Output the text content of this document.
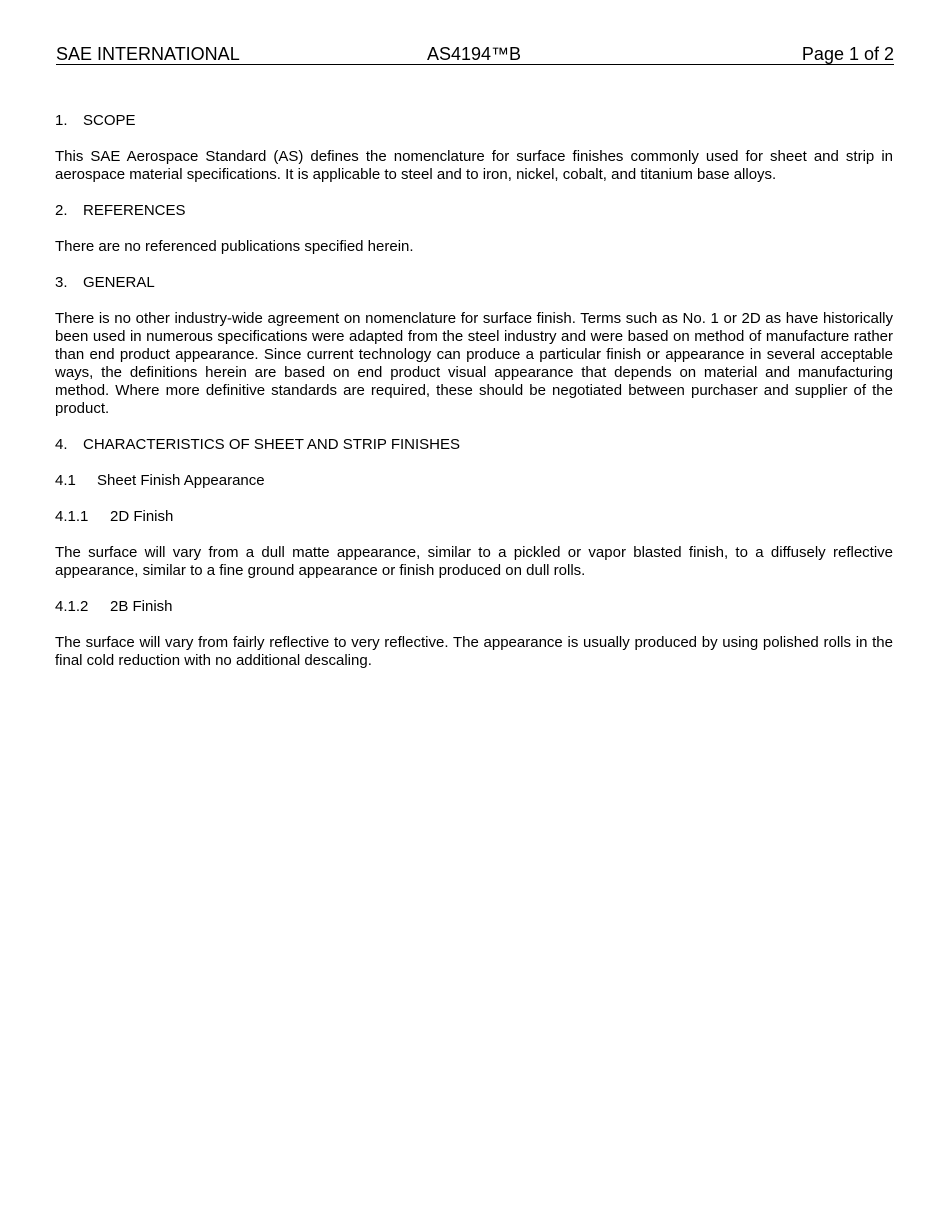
SAE INTERNATIONAL	AS4194™B	Page 1 of 2
1. SCOPE

This SAE Aerospace Standard (AS) defines the nomenclature for surface finishes commonly used for sheet and strip in aerospace material specifications. It is applicable to steel and to iron, nickel, cobalt, and titanium base alloys.

2. REFERENCES

There are no referenced publications specified herein.

3. GENERAL

There is no other industry-wide agreement on nomenclature for surface finish. Terms such as No. 1 or 2D as have historically been used in numerous specifications were adapted from the steel industry and were based on method of manufacture rather than end product appearance. Since current technology can produce a particular finish or appearance in several acceptable ways, the definitions herein are based on end product visual appearance that depends on material and manufacturing method. Where more definitive standards are required, these should be negotiated between purchaser and supplier of the product.

4. CHARACTERISTICS OF SHEET AND STRIP FINISHES
4.1 Sheet Finish Appearance
4.1.1 2D Finish

The surface will vary from a dull matte appearance, similar to a pickled or vapor blasted finish, to a diffusely reflective appearance, similar to a fine ground appearance or finish produced on dull rolls.

4.1.2 2B Finish

The surface will vary from fairly reflective to very reflective. The appearance is usually produced by using polished rolls in the final cold reduction with no additional descaling.
